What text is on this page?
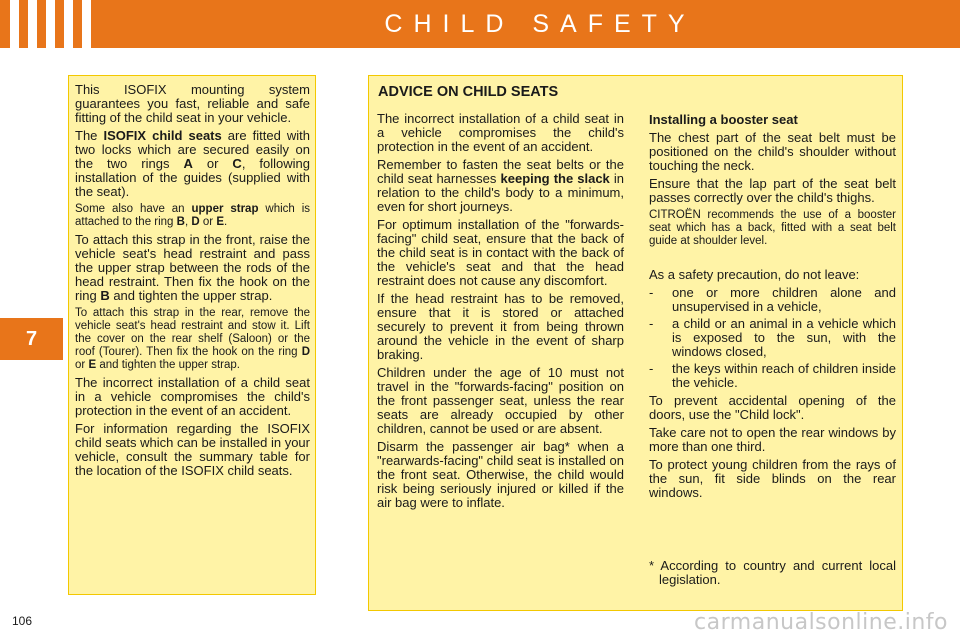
CHILD SAFETY
7

This ISOFIX mounting system guarantees you fast, reliable and safe fitting of the child seat in your vehicle.

The ISOFIX child seats are fitted with two locks which are secured easily on the two rings A or C, following installation of the guides (supplied with the seat).

Some also have an upper strap which is attached to the ring B, D or E.

To attach this strap in the front, raise the vehicle seat's head restraint and pass the upper strap between the rods of the head restraint. Then fix the hook on the ring B and tighten the upper strap.

To attach this strap in the rear, remove the vehicle seat's head restraint and stow it. Lift the cover on the rear shelf (Saloon) or the roof (Tourer). Then fix the hook on the ring D or E and tighten the upper strap.

The incorrect installation of a child seat in a vehicle compromises the child's protection in the event of an accident.

For information regarding the ISOFIX child seats which can be installed in your vehicle, consult the summary table for the location of the ISOFIX child seats.

ADVICE ON CHILD SEATS

The incorrect installation of a child seat in a vehicle compromises the child's protection in the event of an accident.

Remember to fasten the seat belts or the child seat harnesses keeping the slack in relation to the child's body to a minimum, even for short journeys.

For optimum installation of the "forwards-facing" child seat, ensure that the back of the child seat is in contact with the back of the vehicle's seat and that the head restraint does not cause any discomfort.

If the head restraint has to be removed, ensure that it is stored or attached securely to prevent it from being thrown around the vehicle in the event of sharp braking.

Children under the age of 10 must not travel in the "forwards-facing" position on the front passenger seat, unless the rear seats are already occupied by other children, cannot be used or are absent.

Disarm the passenger air bag* when a "rearwards-facing" child seat is installed on the front seat. Otherwise, the child would risk being seriously injured or killed if the air bag were to inflate.

Installing a booster seat

The chest part of the seat belt must be positioned on the child's shoulder without touching the neck.

Ensure that the lap part of the seat belt passes correctly over the child's thighs.

CITROËN recommends the use of a booster seat which has a back, fitted with a seat belt guide at shoulder level.

As a safety precaution, do not leave:

- one or more children alone and unsupervised in a vehicle,
- a child or an animal in a vehicle which is exposed to the sun, with the windows closed,
- the keys within reach of children inside the vehicle.

To prevent accidental opening of the doors, use the "Child lock".

Take care not to open the rear windows by more than one third.

To protect young children from the rays of the sun, fit side blinds on the rear windows.

* According to country and current local legislation.
106	carmanualsonline.info
